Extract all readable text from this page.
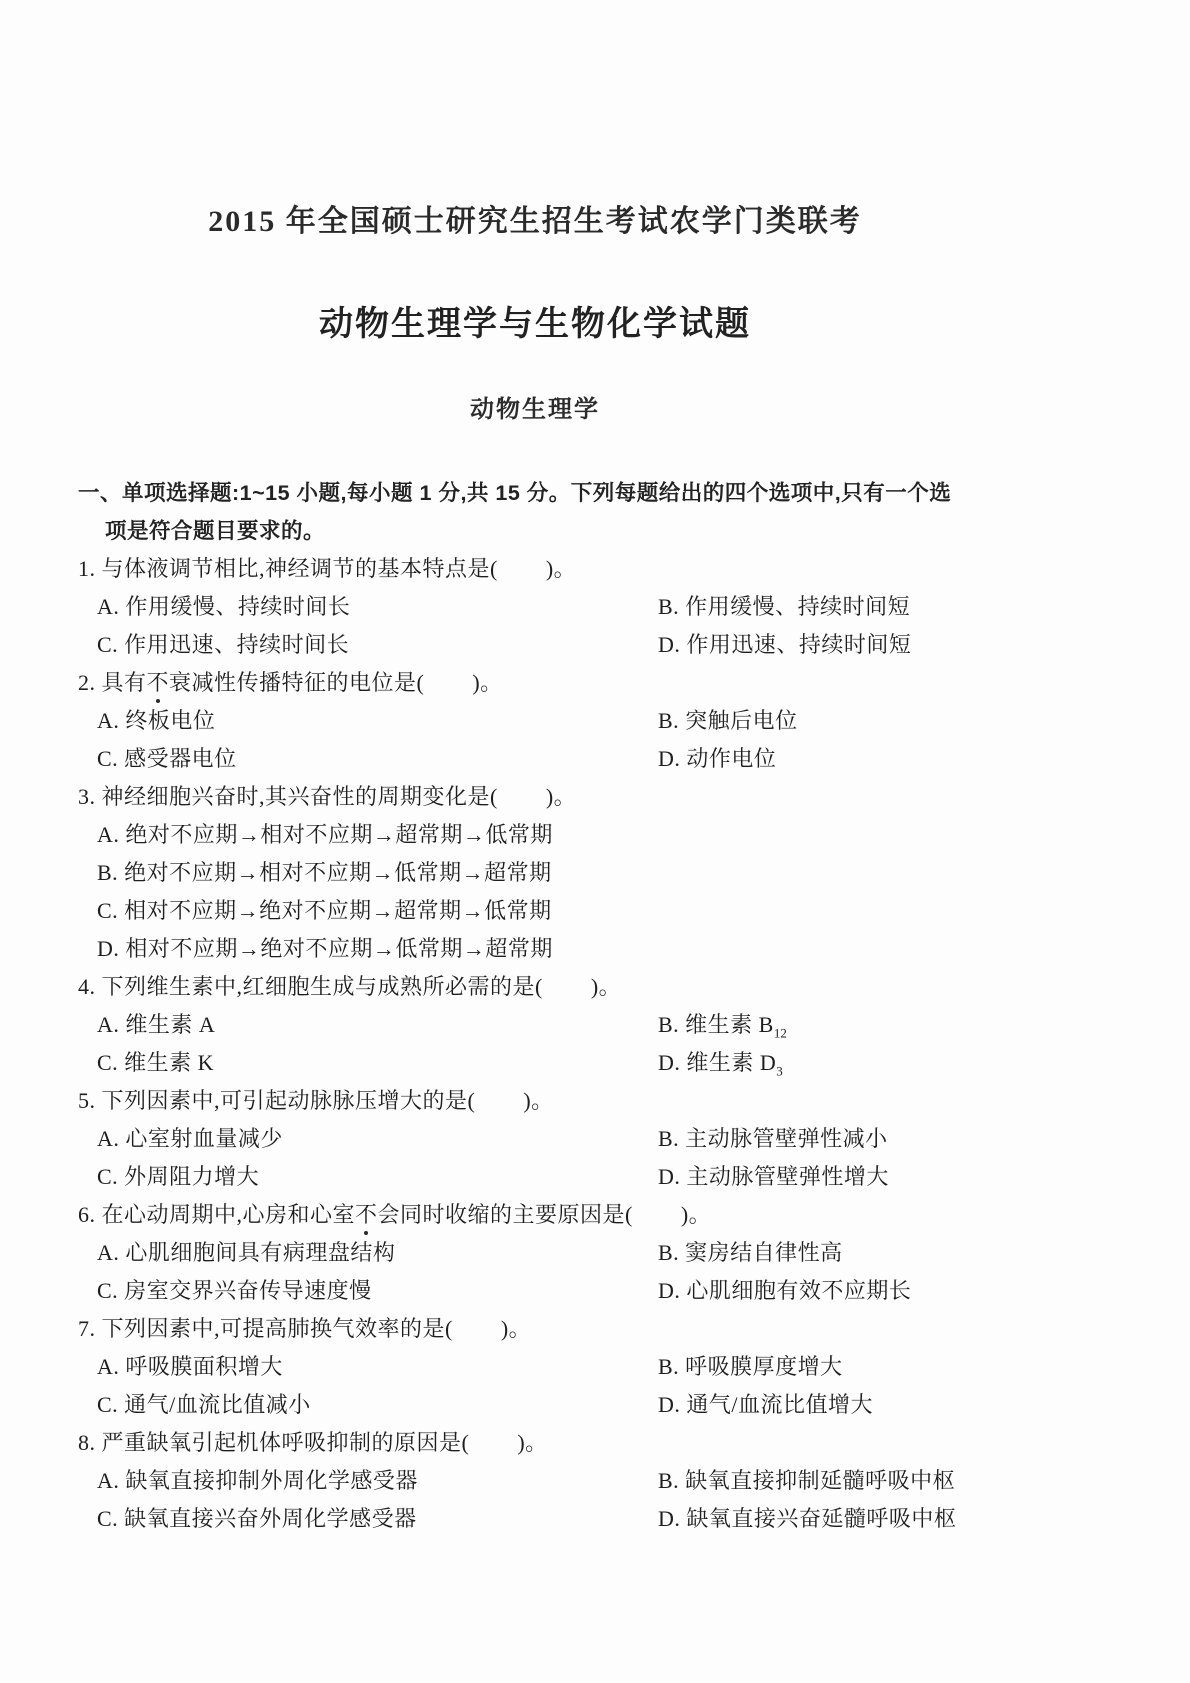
2015 年全国硕士研究生招生考试农学门类联考
动物生理学与生物化学试题
动物生理学
一、单项选择题:1~15 小题,每小题 1 分,共 15 分。下列每题给出的四个选项中,只有一个选
项是符合题目要求的。
1. 与体液调节相比,神经调节的基本特点是(        )。
A. 作用缓慢、持续时间长	B. 作用缓慢、持续时间短
C. 作用迅速、持续时间长	D. 作用迅速、持续时间短
2. 具有不衰减性传播特征的电位是(        )。
A. 终板电位	B. 突触后电位
C. 感受器电位	D. 动作电位
3. 神经细胞兴奋时,其兴奋性的周期变化是(        )。
A. 绝对不应期→相对不应期→超常期→低常期
B. 绝对不应期→相对不应期→低常期→超常期
C. 相对不应期→绝对不应期→超常期→低常期
D. 相对不应期→绝对不应期→低常期→超常期
4. 下列维生素中,红细胞生成与成熟所必需的是(        )。
A. 维生素 A	B. 维生素 $B_{12}$
C. 维生素 K	D. 维生素 $D_3$
5. 下列因素中,可引起动脉脉压增大的是(        )。
A. 心室射血量减少	B. 主动脉管壁弹性减小
C. 外周阻力增大	D. 主动脉管壁弹性增大
6. 在心动周期中,心房和心室不会同时收缩的主要原因是(        )。
A. 心肌细胞间具有病理盘结构	B. 窦房结自律性高
C. 房室交界兴奋传导速度慢	D. 心肌细胞有效不应期长
7. 下列因素中,可提高肺换气效率的是(        )。
A. 呼吸膜面积增大	B. 呼吸膜厚度增大
C. 通气/血流比值减小	D. 通气/血流比值增大
8. 严重缺氧引起机体呼吸抑制的原因是(        )。
A. 缺氧直接抑制外周化学感受器	B. 缺氧直接抑制延髓呼吸中枢
C. 缺氧直接兴奋外周化学感受器	D. 缺氧直接兴奋延髓呼吸中枢
